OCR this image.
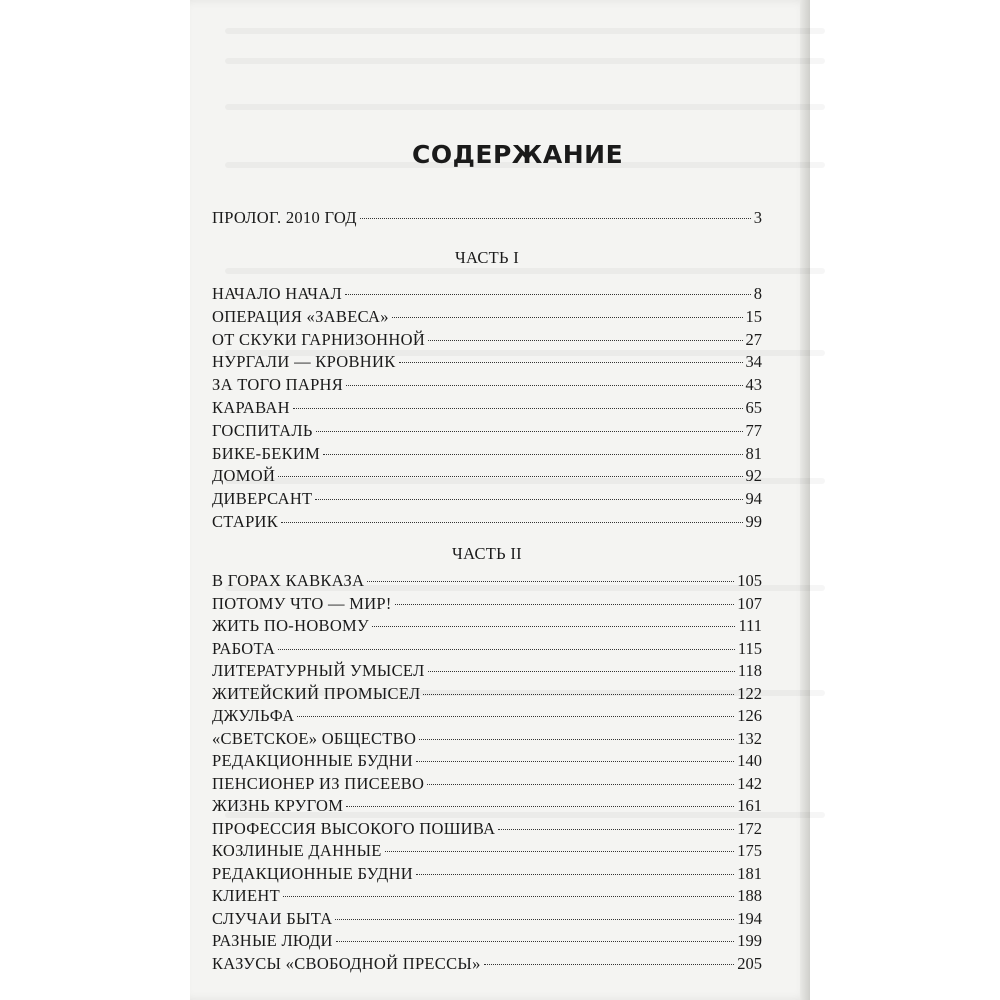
СОДЕРЖАНИЕ
ПРОЛОГ. 2010 ГОД	3
ЧАСТЬ I
НАЧАЛО НАЧАЛ	8
ОПЕРАЦИЯ «ЗАВЕСА»	15
ОТ СКУКИ ГАРНИЗОННОЙ	27
НУРГАЛИ — КРОВНИК	34
ЗА ТОГО ПАРНЯ	43
КАРАВАН	65
ГОСПИТАЛЬ	77
БИКЕ-БЕКИМ	81
ДОМОЙ	92
ДИВЕРСАНТ	94
СТАРИК	99
ЧАСТЬ II
В ГОРАХ КАВКАЗА	105
ПОТОМУ ЧТО — МИР!	107
ЖИТЬ ПО-НОВОМУ	111
РАБОТА	115
ЛИТЕРАТУРНЫЙ УМЫСЕЛ	118
ЖИТЕЙСКИЙ ПРОМЫСЕЛ	122
ДЖУЛЬФА	126
«СВЕТСКОЕ» ОБЩЕСТВО	132
РЕДАКЦИОННЫЕ БУДНИ	140
ПЕНСИОНЕР ИЗ ПИСЕЕВО	142
ЖИЗНЬ КРУГОМ	161
ПРОФЕССИЯ ВЫСОКОГО ПОШИВА	172
КОЗЛИНЫЕ ДАННЫЕ	175
РЕДАКЦИОННЫЕ БУДНИ	181
КЛИЕНТ	188
СЛУЧАИ БЫТА	194
РАЗНЫЕ ЛЮДИ	199
КАЗУСЫ «СВОБОДНОЙ ПРЕССЫ»	205
